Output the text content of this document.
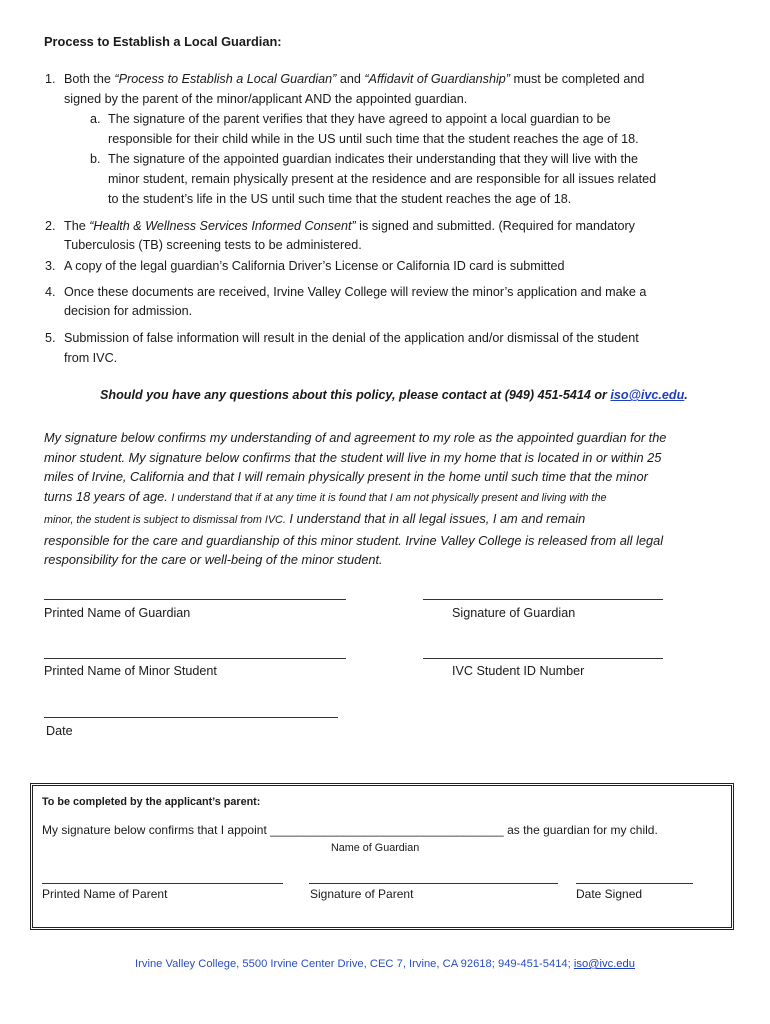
Process to Establish a Local Guardian:
1. Both the “Process to Establish a Local Guardian” and “Affidavit of Guardianship” must be completed and
signed by the parent of the minor/applicant AND the appointed guardian.
a. The signature of the parent verifies that they have agreed to appoint a local guardian to be
responsible for their child while in the US until such time that the student reaches the age of 18.
b. The signature of the appointed guardian indicates their understanding that they will live with the
minor student, remain physically present at the residence and are responsible for all issues related
to the student’s life in the US until such time that the student reaches the age of 18.
2. The “Health & Wellness Services Informed Consent” is signed and submitted. (Required for mandatory
Tuberculosis (TB) screening tests to be administered.
3. A copy of the legal guardian’s California Driver’s License or California ID card is submitted
4. Once these documents are received, Irvine Valley College will review the minor’s application and make a
decision for admission.
5. Submission of false information will result in the denial of the application and/or dismissal of the student
from IVC.
Should you have any questions about this policy, please contact at (949) 451-5414 or iso@ivc.edu.
My signature below confirms my understanding of and agreement to my role as the appointed guardian for the
minor student. My signature below confirms that the student will live in my home that is located in or within 25
miles of Irvine, California and that I will remain physically present in the home until such time that the minor
turns 18 years of age. I understand that if at any time it is found that I am not physically present and living with the
minor, the student is subject to dismissal from IVC. I understand that in all legal issues, I am and remain
responsible for the care and guardianship of this minor student. Irvine Valley College is released from all legal
responsibility for the care or well-being of the minor student.
Printed Name of Guardian	Signature of Guardian
Printed Name of Minor Student	IVC Student ID Number
Date
To be completed by the applicant’s parent:
My signature below confirms that I appoint ___________________________________ as the guardian for my child.
Name of Guardian
Printed Name of Parent	Signature of Parent	Date Signed
Irvine Valley College, 5500 Irvine Center Drive, CEC 7, Irvine, CA 92618; 949-451-5414; iso@ivc.edu
